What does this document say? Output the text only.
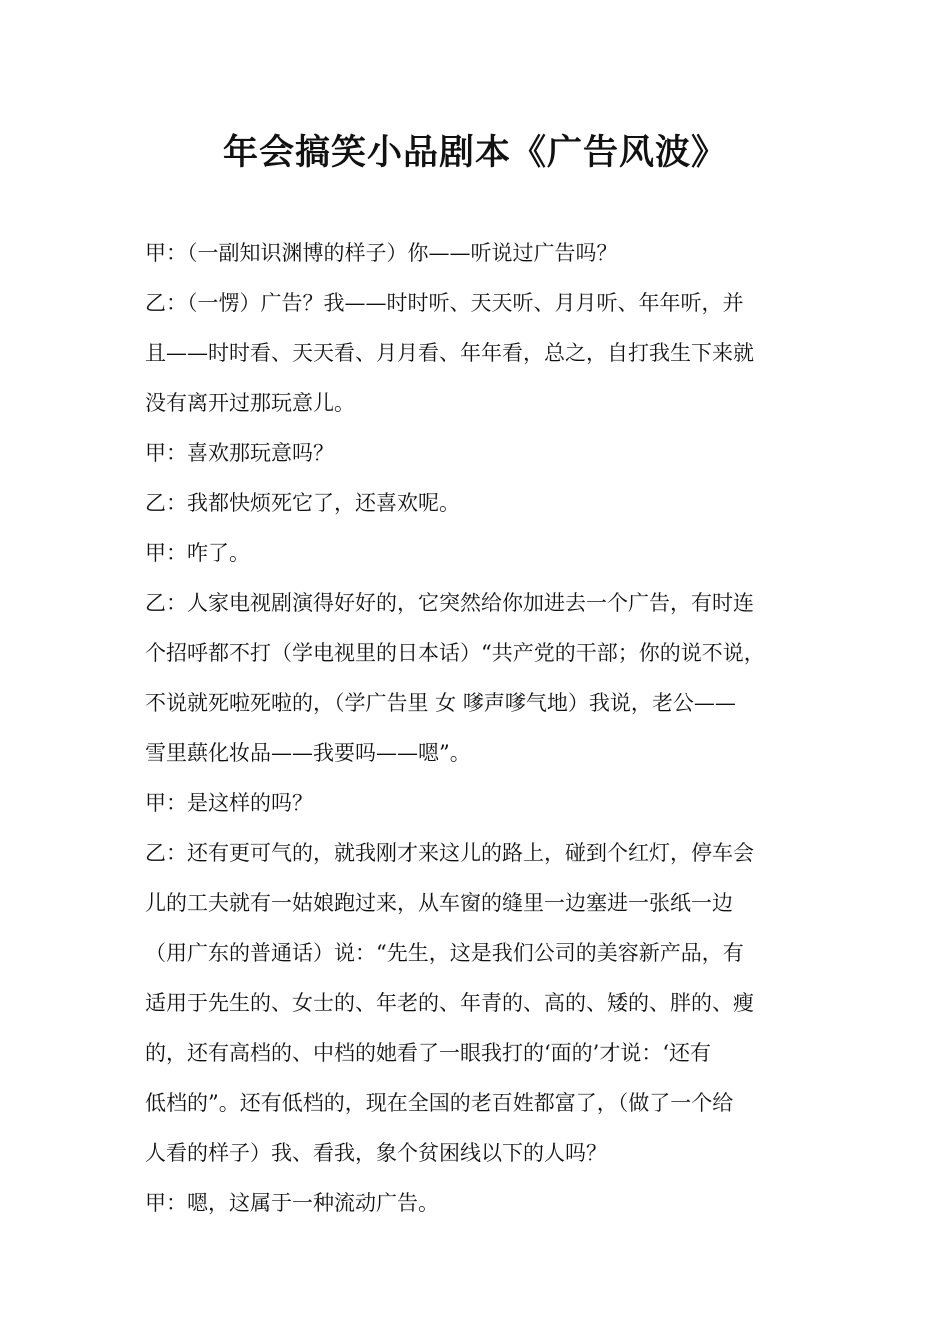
年会搞笑小品剧本《广告风波》
甲：（一副知识渊博的样子）你——听说过广告吗？
乙：（一愣）广告？我——时时听、天天听、月月听、年年听，并
且——时时看、天天看、月月看、年年看，总之，自打我生下来就
没有离开过那玩意儿。
甲：喜欢那玩意吗？
乙：我都快烦死它了，还喜欢呢。
甲：咋了。
乙：人家电视剧演得好好的，它突然给你加进去一个广告，有时连
个招呼都不打（学电视里的日本话）“共产党的干部；你的说不说，
不说就死啦死啦的，（学广告里 女 嗲声嗲气地）我说，老公——
雪里蕻化妆品——我要吗——嗯”。
甲：是这样的吗？
乙：还有更可气的，就我刚才来这儿的路上，碰到个红灯，停车会
儿的工夫就有一姑娘跑过来，从车窗的缝里一边塞进一张纸一边
（用广东的普通话）说：“先生，这是我们公司的美容新产品，有
适用于先生的、女士的、年老的、年青的、高的、矮的、胖的、瘦
的，还有高档的、中档的她看了一眼我打的‘面的’才说：‘还有
低档的”。还有低档的，现在全国的老百姓都富了，（做了一个给
人看的样子）我、看我，象个贫困线以下的人吗？
甲：嗯，这属于一种流动广告。
